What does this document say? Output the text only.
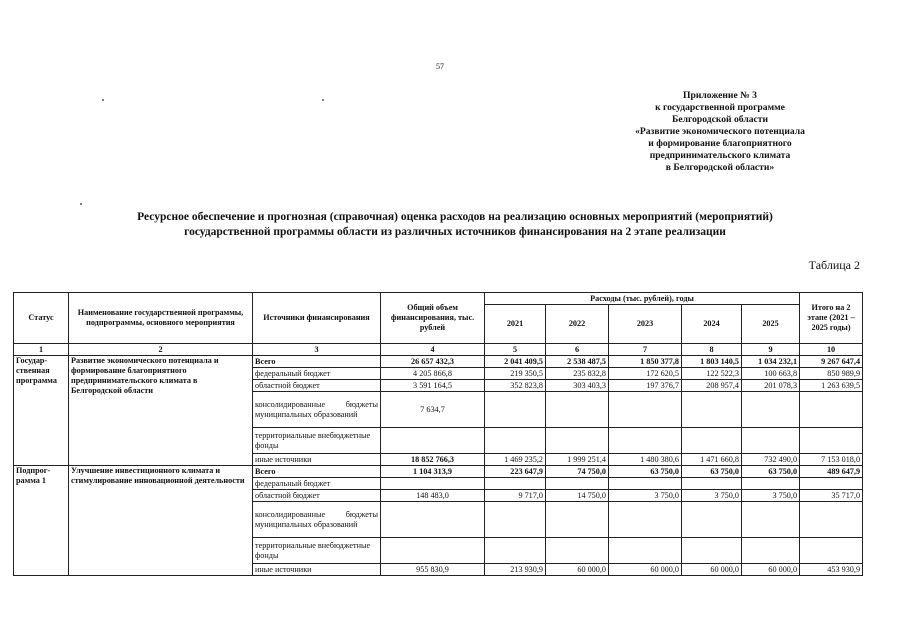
57
Приложение № 3
к государственной программе
Белгородской области
«Развитие экономического потенциала
и формирование благоприятного
предпринимательского климата
в Белгородской области»
Ресурсное обеспечение и прогнозная (справочная) оценка расходов на реализацию основных мероприятий (мероприятий)
государственной программы области из различных источников финансирования на 2 этапе реализации
Таблица 2
Статус	Наименование государственной программы, подпрограммы, основного мероприятия	Источники финансирования	Общий объем финансирования, тыс. рублей	Расходы (тыс. рублей), годы					Итого на 2 этапе (2021 – 2025 годы)
				2021	2022	2023	2024	2025	
1	2	3	4	5	6	7	8	9	10
Государ-ственная программа	Развитие экономического потенциала и формирование благоприятного предпринимательского климата в Белгородской области	Всего	26 657 432,3	2 041 409,5	2 538 487,5	1 850 377,8	1 803 140,5	1 034 232,1	9 267 647,4
		федеральный бюджет	4 205 866,8	219 350,5	235 832,8	172 620,5	122 522,3	100 663,8	850 989,9
		областной бюджет	3 591 164,5	352 823,8	303 403,3	197 376,7	208 957,4	201 078,3	1 263 639,5
		консолидированные бюджеты муниципальных образований	7 634,7						
		территориальные внебюджетные фонды							
		иные источники	18 852 766,3	1 469 235,2	1 999 251,4	1 480 380,6	1 471 660,8	732 490,0	7 153 018,0
Подпрог-рамма 1	Улучшение инвестиционного климата и стимулирование инновационной деятельности	Всего	1 104 313,9	223 647,9	74 750,0	63 750,0	63 750,0	63 750,0	489 647,9
		федеральный бюджет							
		областной бюджет	148 483,0	9 717,0	14 750,0	3 750,0	3 750,0	3 750,0	35 717,0
		консолидированные бюджеты муниципальных образований							
		территориальные внебюджетные фонды							
		иные источники	955 830,9	213 930,9	60 000,0	60 000,0	60 000,0	60 000,0	453 930,9
